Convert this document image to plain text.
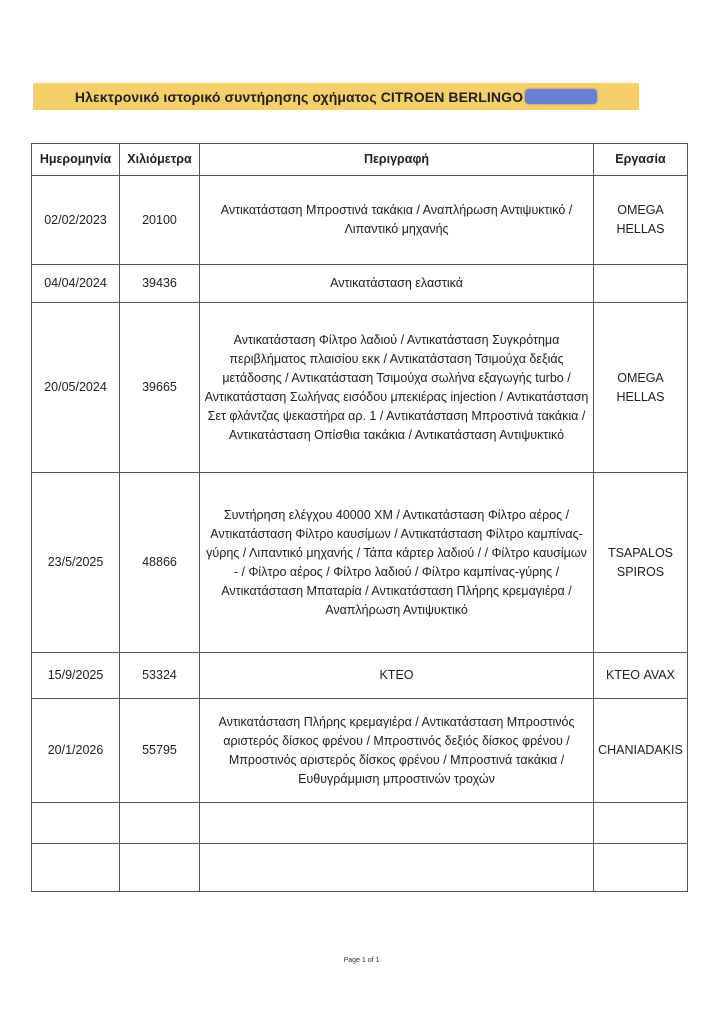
Ηλεκτρονικό ιστορικό συντήρησης οχήματος CITROEN BERLINGO
Ημερομηνία	Χιλιόμετρα	Περιγραφή	Εργασία
02/02/2023	20100	Αντικατάσταση Μπροστινά τακάκια / Αναπλήρωση Αντιψυκτικό / Λιπαντικό μηχανής	OMEGA HELLAS
04/04/2024	39436	Αντικατάσταση ελαστικά	
20/05/2024	39665	Αντικατάσταση Φίλτρο λαδιού / Αντικατάσταση Συγκρότημα περιβλήματος πλαισίου εκκ / Αντικατάσταση Τσιμούχα δεξιάς μετάδοσης / Αντικατάσταση Τσιμούχα σωλήνα εξαγωγής turbo / Αντικατάσταση Σωλήνας εισόδου μπεκιέρας injection / Αντικατάσταση Σετ φλάντζας ψεκαστήρα αρ. 1 / Αντικατάσταση Μπροστινά τακάκια / Αντικατάσταση Οπίσθια τακάκια / Αντικατάσταση Αντιψυκτικό	OMEGA HELLAS
23/5/2025	48866	Συντήρηση ελέγχου 40000 ΧΜ / Αντικατάσταση Φίλτρο αέρος / Αντικατάσταση Φίλτρο καυσίμων / Αντικατάσταση Φίλτρο καμπίνας-γύρης / Λιπαντικό μηχανής / Τάπα κάρτερ λαδιού / / Φίλτρο καυσίμων - / Φίλτρο αέρος / Φίλτρο λαδιού / Φίλτρο καμπίνας-γύρης / Αντικατάσταση Μπαταρία / Αντικατάσταση Πλήρης κρεμαγιέρα / Αναπλήρωση Αντιψυκτικό	TSAPALOS SPIROS
15/9/2025	53324	ΚΤΕΟ	ΚΤΕΟ AVAX
20/1/2026	55795	Αντικατάσταση Πλήρης κρεμαγιέρα / Αντικατάσταση Μπροστινός αριστερός δίσκος φρένου / Μπροστινός δεξιός δίσκος φρένου / Μπροστινός αριστερός δίσκος φρένου / Μπροστινά τακάκια /Ευθυγράμμιση μπροστινών τροχών	CHANIADAKIS

Page 1 of 1
